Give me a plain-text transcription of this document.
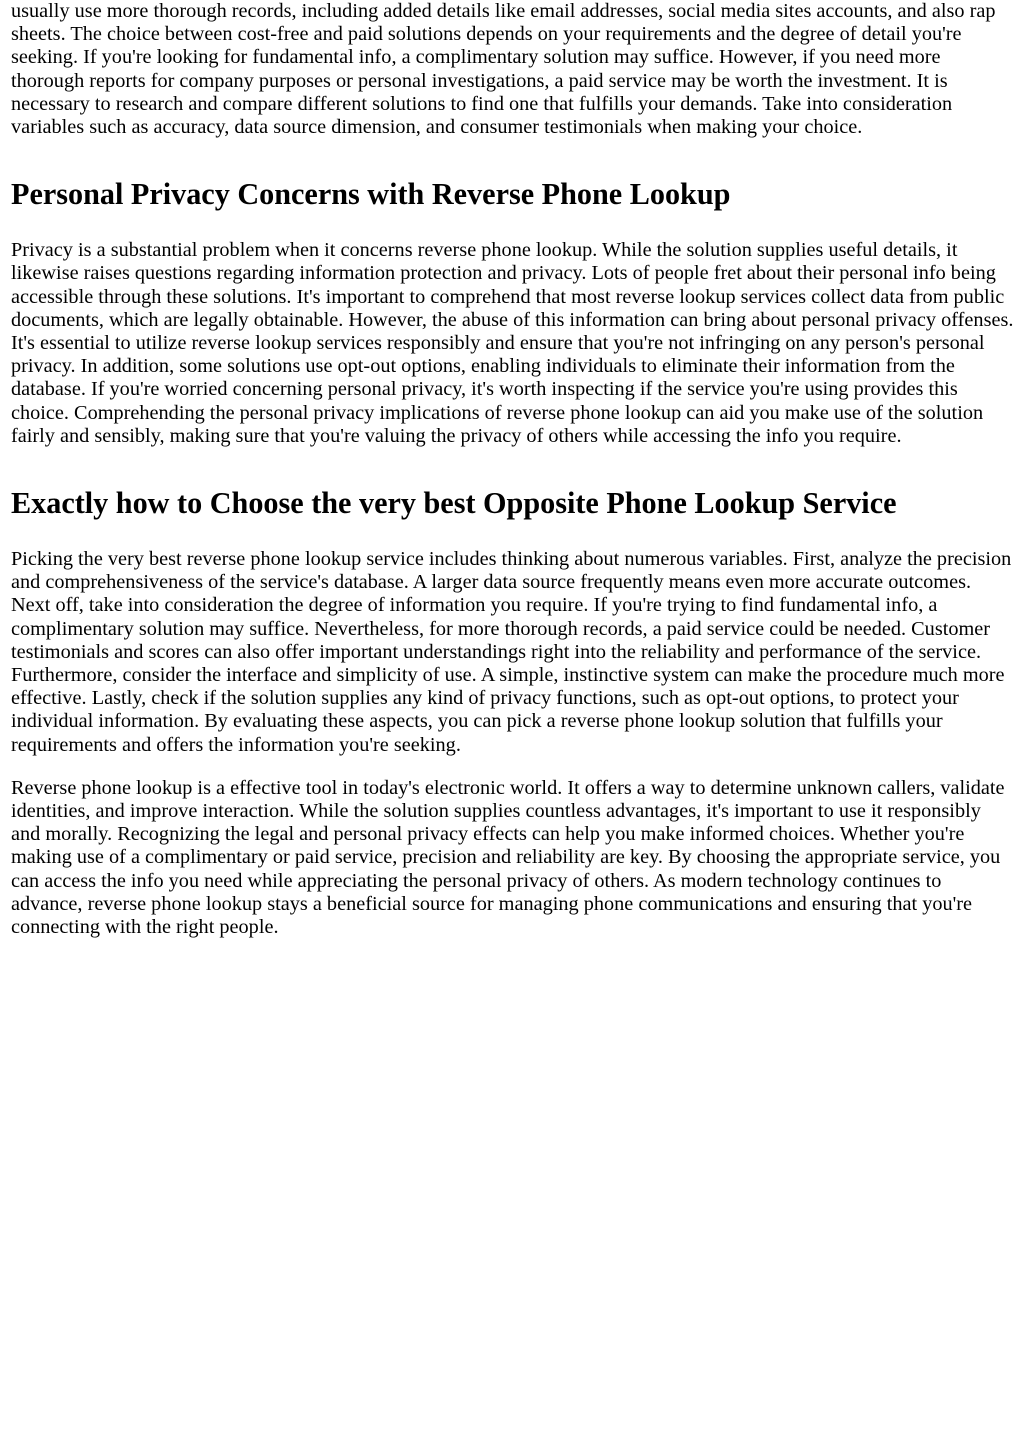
usually use more thorough records, including added details like email addresses, social media sites accounts, and also rap sheets. The choice between cost-free and paid solutions depends on your requirements and the degree of detail you're seeking. If you're looking for fundamental info, a complimentary solution may suffice. However, if you need more thorough reports for company purposes or personal investigations, a paid service may be worth the investment. It is necessary to research and compare different solutions to find one that fulfills your demands. Take into consideration variables such as accuracy, data source dimension, and consumer testimonials when making your choice.

Personal Privacy Concerns with Reverse Phone Lookup

Privacy is a substantial problem when it concerns reverse phone lookup. While the solution supplies useful details, it likewise raises questions regarding information protection and privacy. Lots of people fret about their personal info being accessible through these solutions. It's important to comprehend that most reverse lookup services collect data from public documents, which are legally obtainable. However, the abuse of this information can bring about personal privacy offenses. It's essential to utilize reverse lookup services responsibly and ensure that you're not infringing on any person's personal privacy. In addition, some solutions use opt-out options, enabling individuals to eliminate their information from the database. If you're worried concerning personal privacy, it's worth inspecting if the service you're using provides this choice. Comprehending the personal privacy implications of reverse phone lookup can aid you make use of the solution fairly and sensibly, making sure that you're valuing the privacy of others while accessing the info you require.

Exactly how to Choose the very best Opposite Phone Lookup Service

Picking the very best reverse phone lookup service includes thinking about numerous variables. First, analyze the precision and comprehensiveness of the service's database. A larger data source frequently means even more accurate outcomes. Next off, take into consideration the degree of information you require. If you're trying to find fundamental info, a complimentary solution may suffice. Nevertheless, for more thorough records, a paid service could be needed. Customer testimonials and scores can also offer important understandings right into the reliability and performance of the service. Furthermore, consider the interface and simplicity of use. A simple, instinctive system can make the procedure much more effective. Lastly, check if the solution supplies any kind of privacy functions, such as opt-out options, to protect your individual information. By evaluating these aspects, you can pick a reverse phone lookup solution that fulfills your requirements and offers the information you're seeking.

Reverse phone lookup is a effective tool in today's electronic world. It offers a way to determine unknown callers, validate identities, and improve interaction. While the solution supplies countless advantages, it's important to use it responsibly and morally. Recognizing the legal and personal privacy effects can help you make informed choices. Whether you're making use of a complimentary or paid service, precision and reliability are key. By choosing the appropriate service, you can access the info you need while appreciating the personal privacy of others. As modern technology continues to advance, reverse phone lookup stays a beneficial source for managing phone communications and ensuring that you're connecting with the right people.
